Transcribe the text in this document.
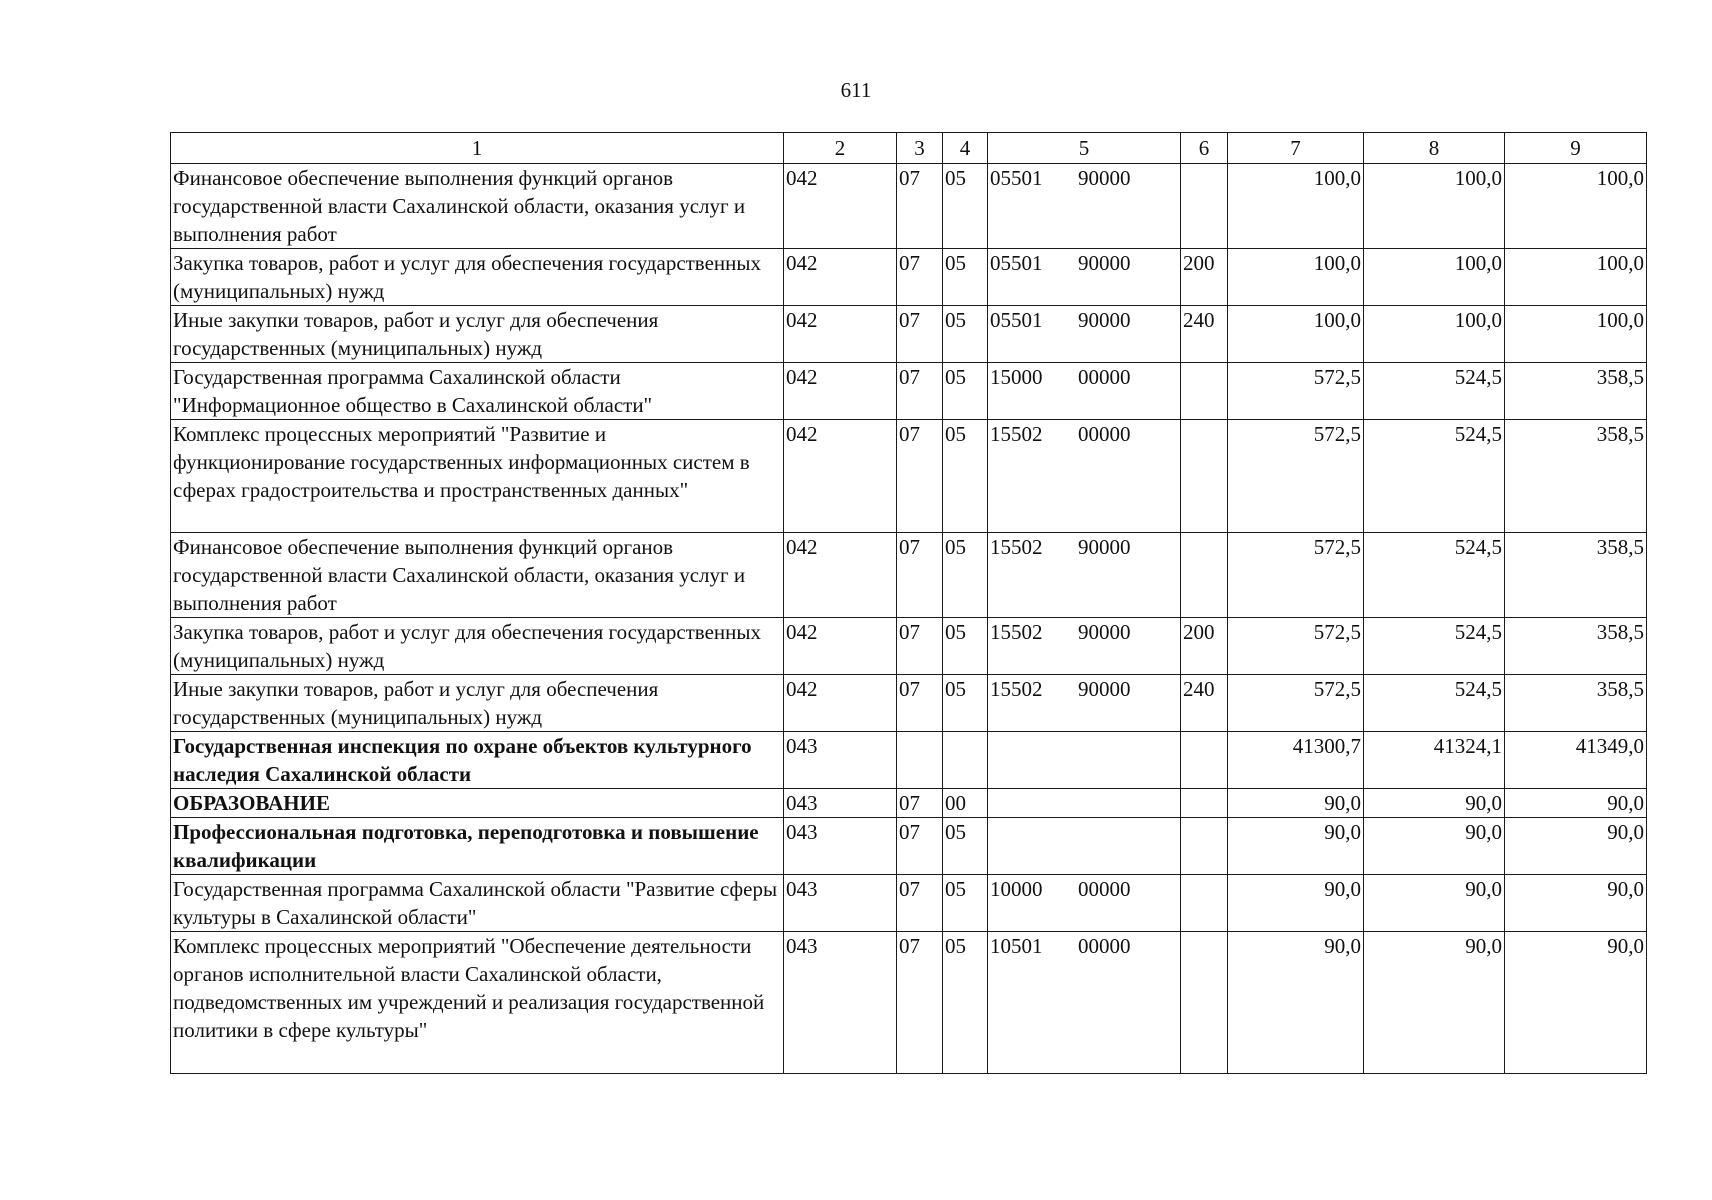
611
1	2	3	4	5	6	7	8	9
Финансовое обеспечение выполнения функций органов государственной власти Сахалинской области, оказания услуг и выполнения работ	042	07	05	05501 90000		100,0	100,0	100,0
Закупка товаров, работ и услуг для обеспечения государственных (муниципальных) нужд	042	07	05	05501 90000	200	100,0	100,0	100,0
Иные закупки товаров, работ и услуг для обеспечения государственных (муниципальных) нужд	042	07	05	05501 90000	240	100,0	100,0	100,0
Государственная программа Сахалинской области "Информационное общество в Сахалинской области"	042	07	05	15000 00000		572,5	524,5	358,5
Комплекс процессных мероприятий "Развитие и функционирование государственных информационных систем в сферах градостроительства и пространственных данных"	042	07	05	15502 00000		572,5	524,5	358,5
Финансовое обеспечение выполнения функций органов государственной власти Сахалинской области, оказания услуг и выполнения работ	042	07	05	15502 90000		572,5	524,5	358,5
Закупка товаров, работ и услуг для обеспечения государственных (муниципальных) нужд	042	07	05	15502 90000	200	572,5	524,5	358,5
Иные закупки товаров, работ и услуг для обеспечения государственных (муниципальных) нужд	042	07	05	15502 90000	240	572,5	524,5	358,5
Государственная инспекция по охране объектов культурного наследия Сахалинской области	043					41300,7	41324,1	41349,0
ОБРАЗОВАНИЕ	043	07	00			90,0	90,0	90,0
Профессиональная подготовка, переподготовка и повышение квалификации	043	07	05			90,0	90,0	90,0
Государственная программа Сахалинской области "Развитие сферы культуры в Сахалинской области"	043	07	05	10000 00000		90,0	90,0	90,0
Комплекс процессных мероприятий "Обеспечение деятельности органов исполнительной власти Сахалинской области, подведомственных им учреждений и реализация государственной политики в сфере культуры"	043	07	05	10501 00000		90,0	90,0	90,0
